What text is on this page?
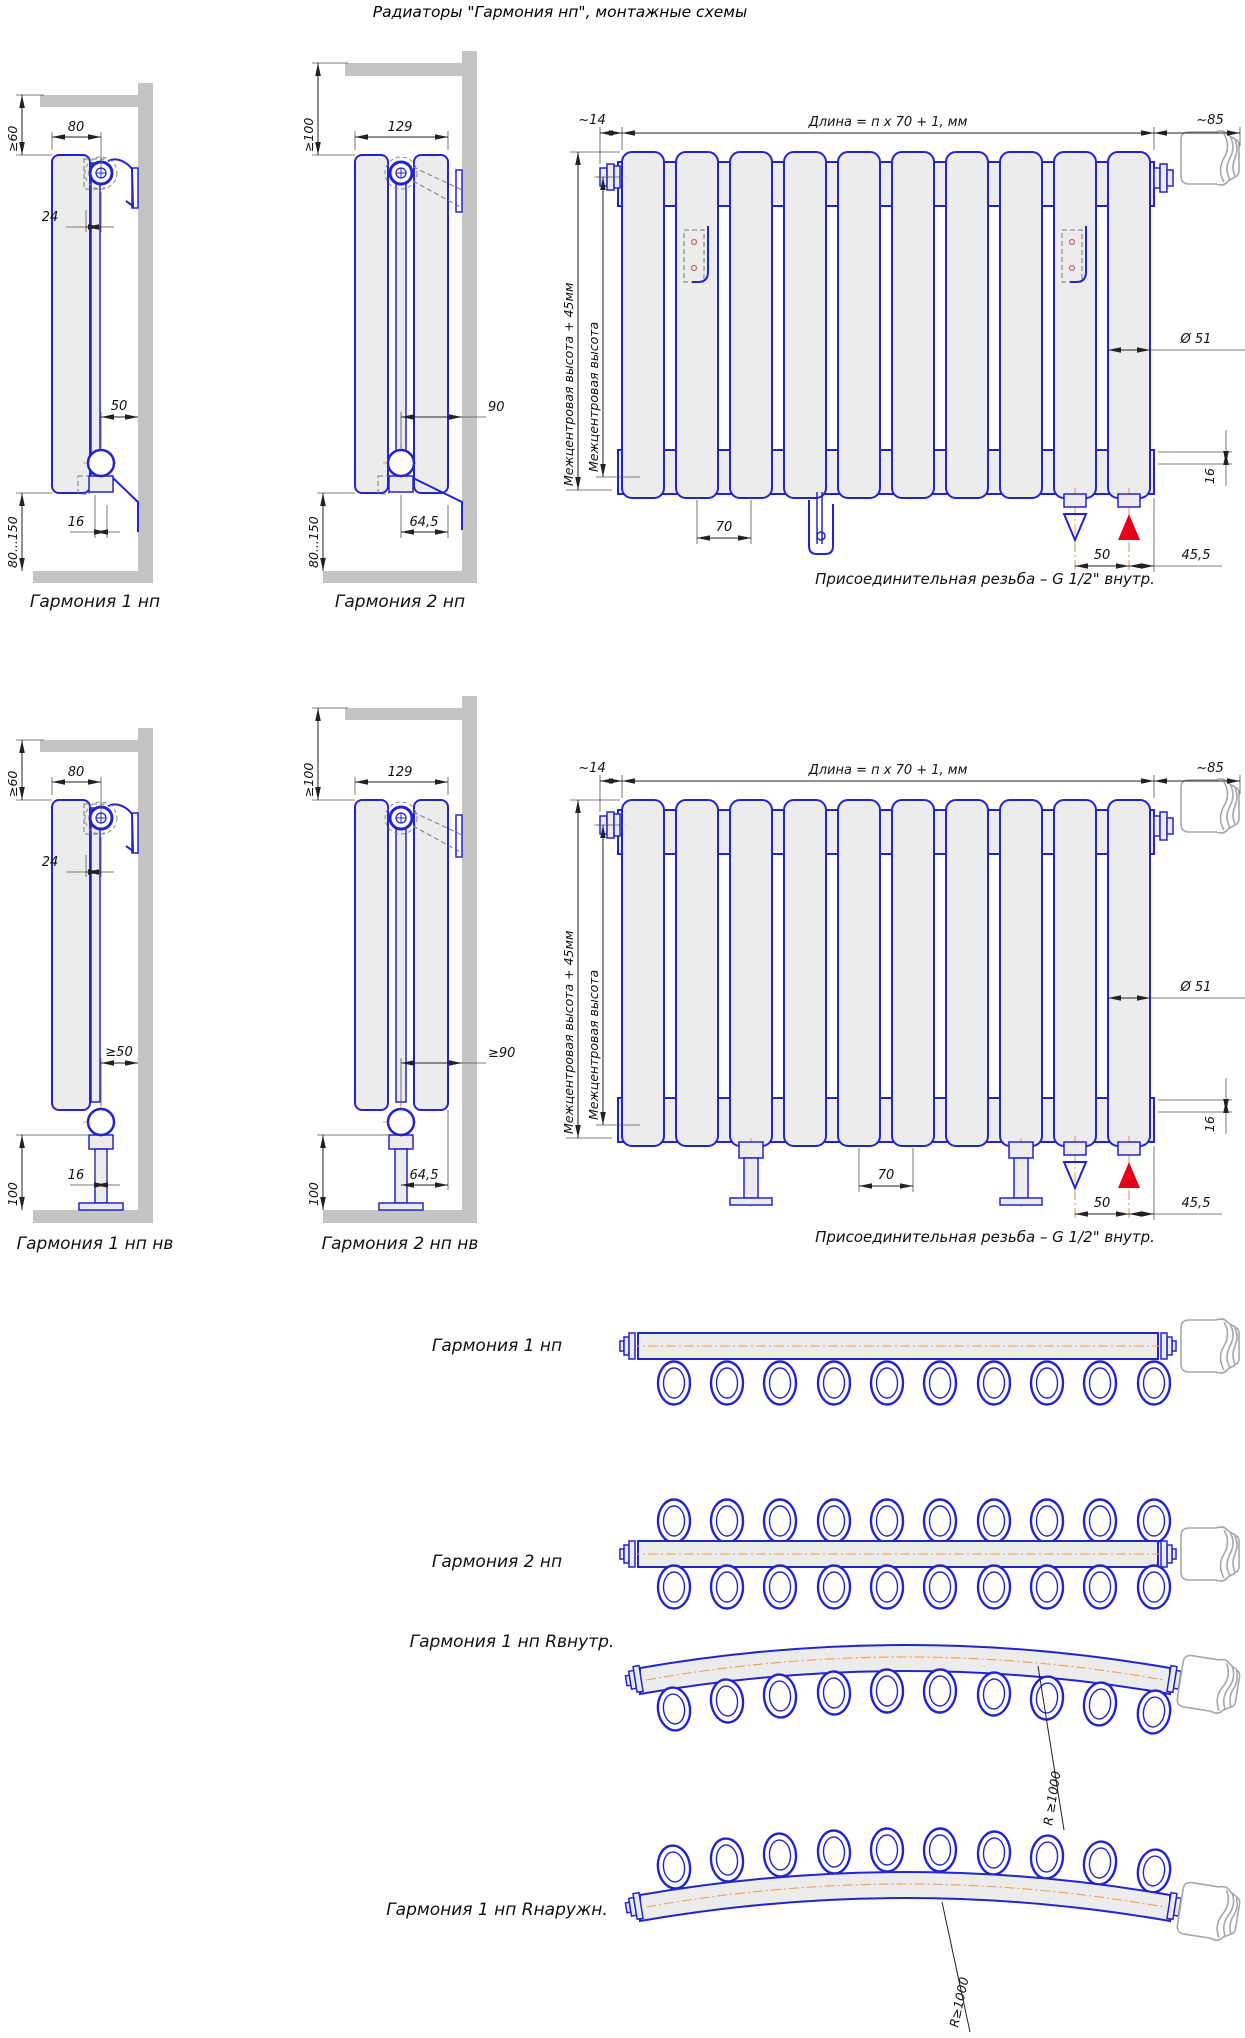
Радиаторы "Гармония нп", монтажные схемы
≥60	80
24
50
80...150	16
Гармония 1 нп
≥100	129
90
80...150	64,5
Гармония 2 нп
~14	Длина = п x 70 + 1, мм	~85
Межцентровая высота + 45мм Межцентровая высота	Ø 51
16
70
50	45,5
Присоединительная резьба – G 1/2" внутр.
≥60	80
24
≥50
100
16
Гармония 1 нп нв
≥100	129
≥90
100
64,5
Гармония 2 нп нв
~14	Длина = п x 70 + 1, мм	~85
Межцентровая высота + 45мм Межцентровая высота	Ø 51
16
70
50	45,5
Присоединительная резьба – G 1/2" внутр.
Гармония 1 нп
Гармония 2 нп
Гармония 1 нп Rвнутр.
R ≥1000
Гармония 1 нп Rнаружн.
R≥1000
